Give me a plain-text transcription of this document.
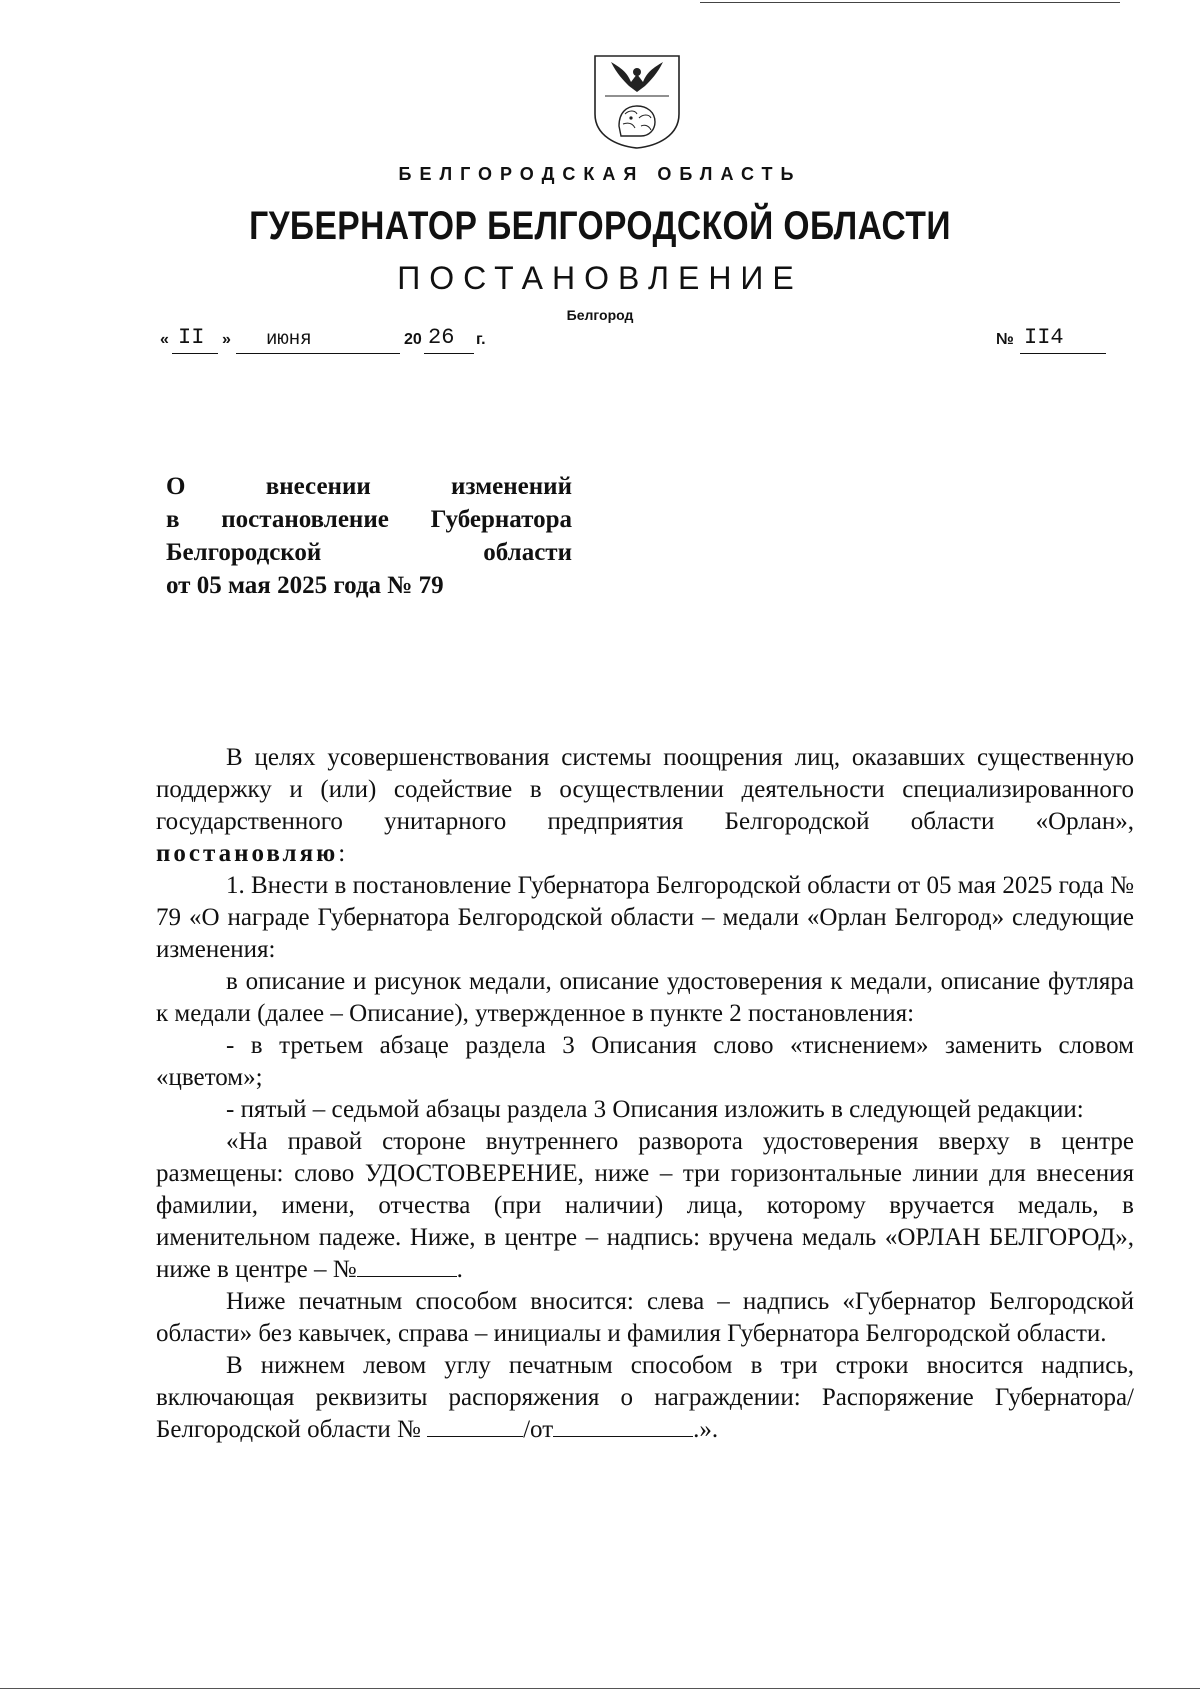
БЕЛГОРОДСКАЯ ОБЛАСТЬ
ГУБЕРНАТОР БЕЛГОРОДСКОЙ ОБЛАСТИ
ПОСТАНОВЛЕНИЕ
Белгород
« II » июня	20 26 г.	№ II4
О внесении изменений
в постановление Губернатора
Белгородской области
от 05 мая 2025 года № 79

В целях усовершенствования системы поощрения лиц, оказавших существенную поддержку и (или) содействие в осуществлении деятельности специализированного государственного унитарного предприятия Белгородской области «Орлан», постановляю:

1. Внести в постановление Губернатора Белгородской области от 05 мая 2025 года № 79 «О награде Губернатора Белгородской области – медали «Орлан Белгород» следующие изменения:

в описание и рисунок медали, описание удостоверения к медали, описание футляра к медали (далее – Описание), утвержденное в пункте 2 постановления:

- в третьем абзаце раздела 3 Описания слово «тиснением» заменить словом «цветом»;

- пятый – седьмой абзацы раздела 3 Описания изложить в следующей редакции:

«На правой стороне внутреннего разворота удостоверения вверху в центре размещены: слово УДОСТОВЕРЕНИЕ, ниже – три горизонтальные линии для внесения фамилии, имени, отчества (при наличии) лица, которому вручается медаль, в именительном падеже. Ниже, в центре – надпись: вручена медаль «ОРЛАН БЕЛГОРОД», ниже в центре – №	.

Ниже печатным способом вносится: слева – надпись «Губернатор Белгородской области» без кавычек, справа – инициалы и фамилия Губернатора Белгородской области.

В нижнем левом углу печатным способом в три строки вносится надпись, включающая реквизиты распоряжения о награждении: Распоряжение Губернатора/Белгородской области №	/от	.».
